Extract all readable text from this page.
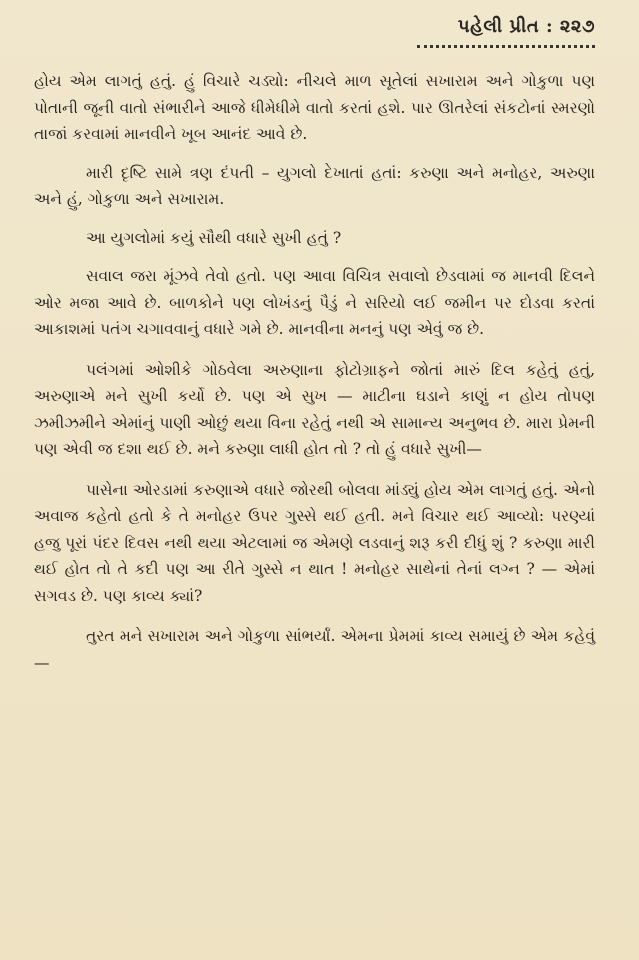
પહેલી પ્રીત : ૨૨૭

હોય એમ લાગતું હતું. હું વિચારે ચડ્યો: નીચલે માળ સૂતેલાં સખારામ અને ગોકુળા પણ પોતાની જૂની વાતો સંભારીને આજે ધીમેધીમે વાતો કરતાં હશે. પાર ઊતરેલાં સંકટોનાં સ્મરણો તાજાં કરવામાં માનવીને ખૂબ આનંદ આવે છે.

મારી દૃષ્ટિ સામે ત્રણ દંપતી – યુગલો દેખાતાં હતાં: કરુણા અને મનોહર, અરુણા અને હું, ગોકુળા અને સખારામ.

આ યુગલોમાં કયું સૌથી વધારે સુખી હતું ?

સવાલ જરા મૂંઝવે તેવો હતો. પણ આવા વિચિત્ર સવાલો છેડવામાં જ માનવી દિલને ઓર મજા આવે છે. બાળકોને પણ લોખંડનું પૈડું ને સરિયો લઈ જમીન પર દોડવા કરતાં આકાશમાં પતંગ ચગાવવાનું વધારે ગમે છે. માનવીના મનનું પણ એવું જ છે.

પલંગમાં ઓશીકે ગોઠવેલા અરુણાના ફોટોગ્રાફને જોતાં મારું દિલ કહેતું હતું, અરુણાએ મને સુખી કર્યો છે. પણ એ સુખ — માટીના ઘડાને કાણું ન હોય તોપણ ઝમીઝમીને એમાંનું પાણી ઓછું થયા વિના રહેતું નથી એ સામાન્ય અનુભવ છે. મારા પ્રેમની પણ એવી જ દશા થઈ છે. મને કરુણા લાધી હોત તો ? તો હું વધારે સુખી—

પાસેના ઓરડામાં કરુણાએ વધારે જોરથી બોલવા માંડ્યું હોય એમ લાગતું હતું. એનો અવાજ કહેતો હતો કે તે મનોહર ઉપર ગુસ્સે થઈ હતી. મને વિચાર થઈ આવ્યો: પરણ્યાં હજુ પૂરાં પંદર દિવસ નથી થયા એટલામાં જ એમણે લડવાનું શરૂ કરી દીધું શું ? કરુણા મારી થઈ હોત તો તે કદી પણ આ રીતે ગુસ્સે ન થાત ! મનોહર સાથેનાં તેનાં લગ્ન ? — એમાં સગવડ છે. પણ કાવ્ય ક્યાં?

તુરત મને સખારામ અને ગોકુળા સાંભર્યાં. એમના પ્રેમમાં કાવ્ય સમાયું છે એમ કહેવું—
